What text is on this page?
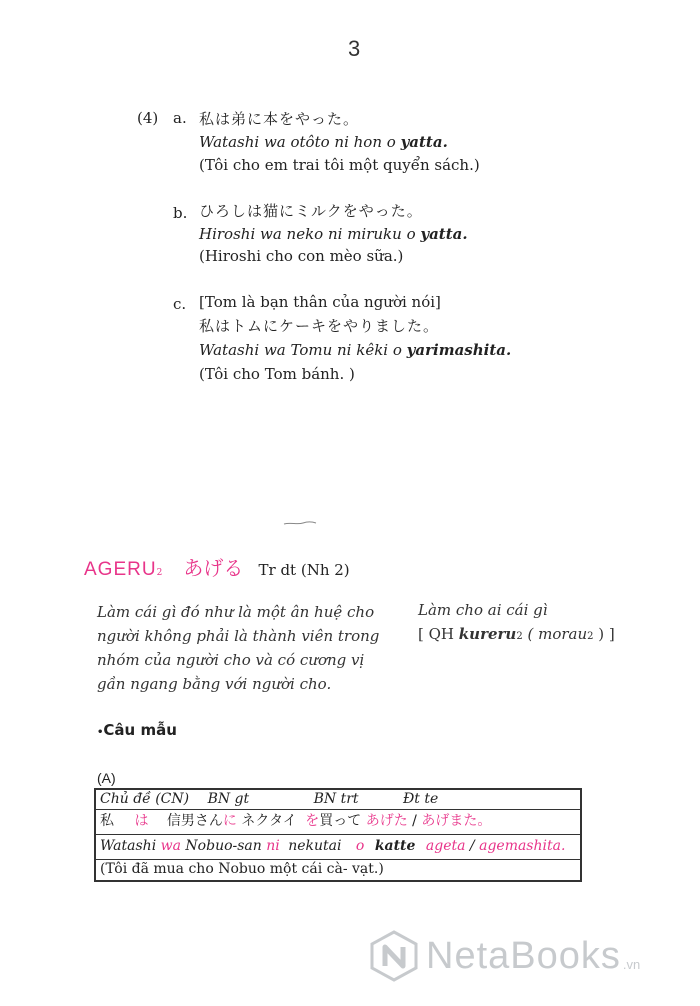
3
(4) a. 私は弟に本をやった。
Watashi wa otôto ni hon o yatta.
(Tôi cho em trai tôi một quyển sách.)
b. ひろしは猫にミルクをやった。
Hiroshi wa neko ni miruku o yatta.
(Hiroshi cho con mèo sữa.)
c. [Tom là bạn thân của người nói]
私はトムにケーキをやりました。
Watashi wa Tomu ni kêki o yarimashita.
(Tôi cho Tom bánh. )
AGERU2 あげる Tr dt (Nh 2)
Làm cái gì đó như là một ân huệ cho
người không phải là thành viên trong
nhóm của người cho và có cương vị
gần ngang bằng với người cho.
Làm cho ai cái gì
[ QH kureru2 ( morau2 ) ]
•Câu mẫu
(A)
Chủ đề (CN) BN gt	BN trt	Đt te
私 は 信男さんに ネクタイ を買って あげた / あげまた。
Watashi wa Nobuo-san ni nekutai o katte ageta / agemashita.
(Tôi đã mua cho Nobuo một cái cà- vạt.)
NetaBooks .vn
